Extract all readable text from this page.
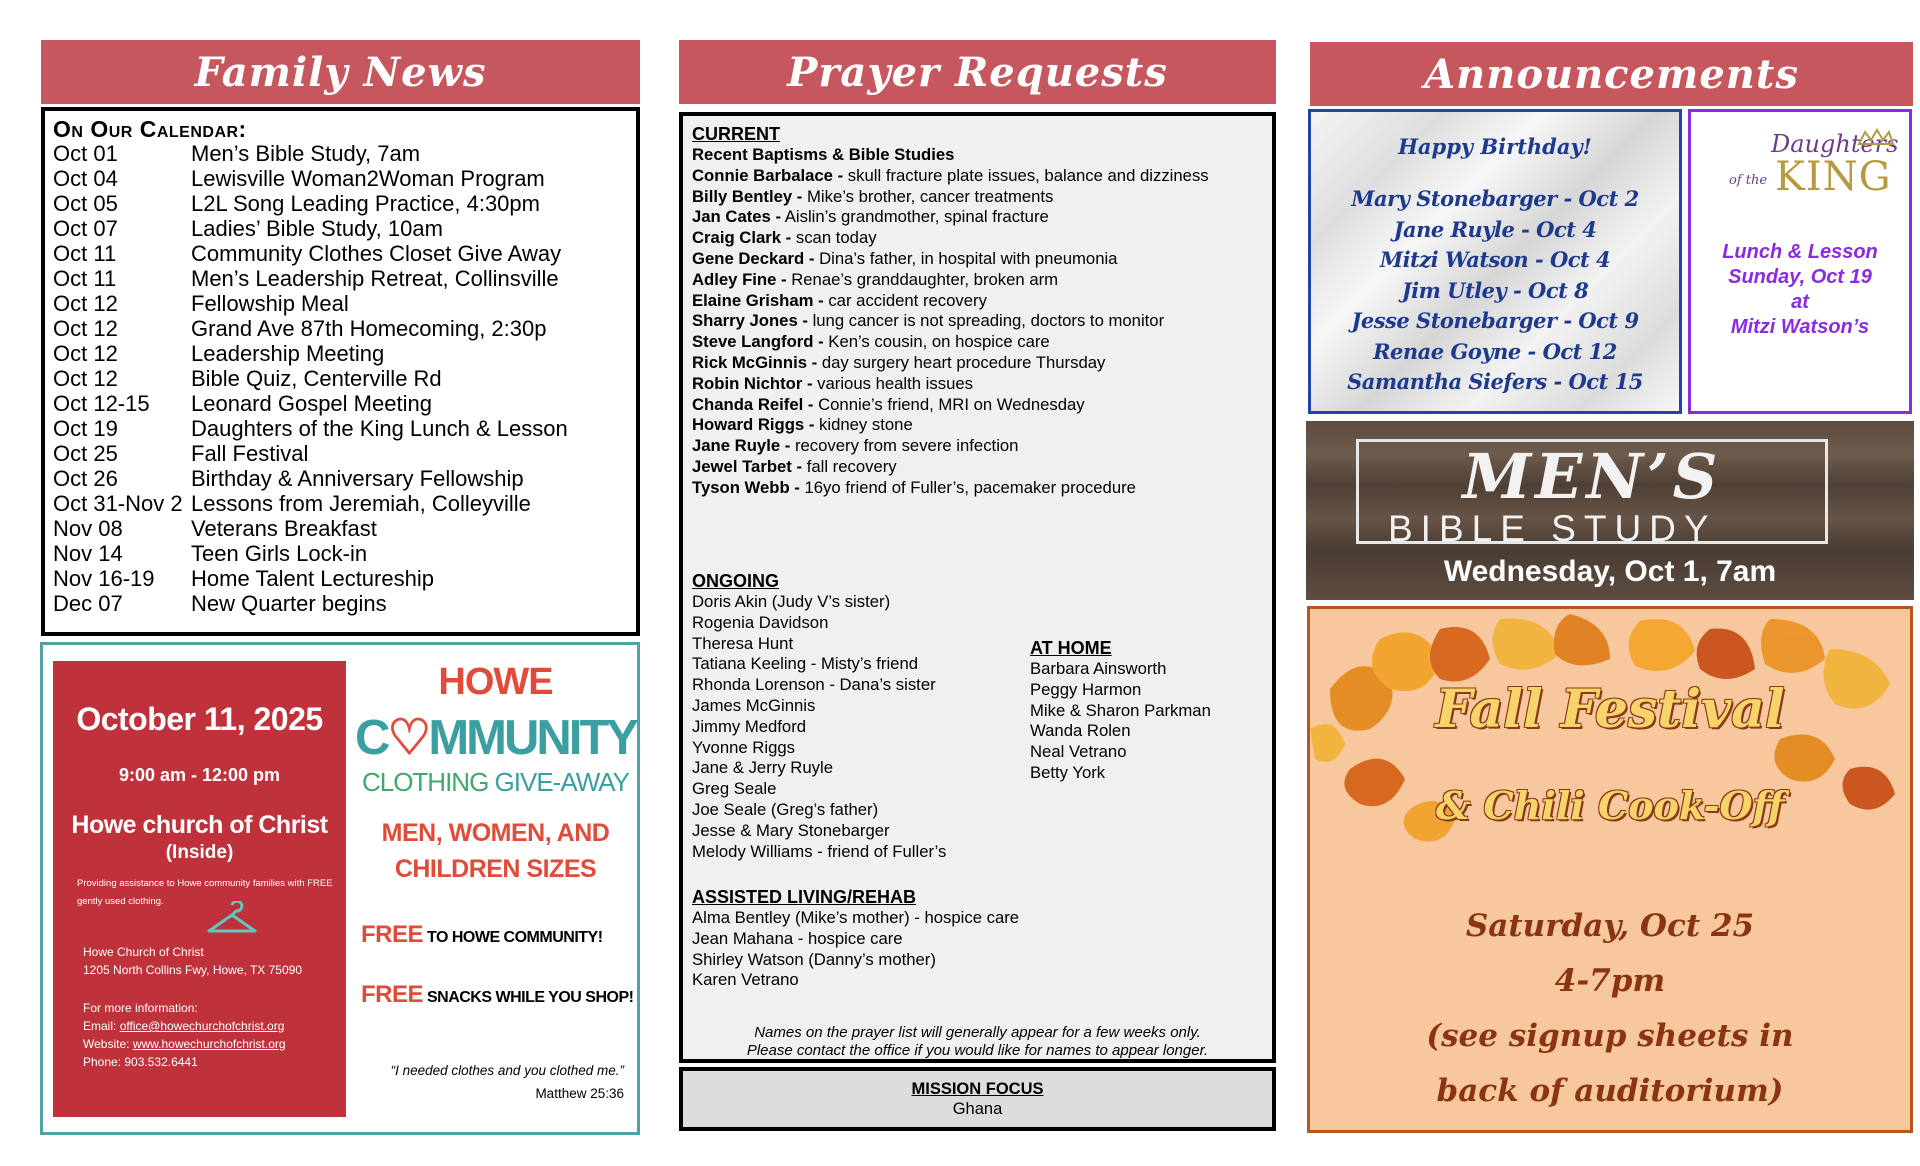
Family News
On Our Calendar:
Oct 01	Men’s Bible Study, 7am
Oct 04	Lewisville Woman2Woman Program
Oct 05	L2L Song Leading Practice, 4:30pm
Oct 07	Ladies’ Bible Study, 10am
Oct 11	Community Clothes Closet Give Away
Oct 11	Men’s Leadership Retreat, Collinsville
Oct 12	Fellowship Meal
Oct 12	Grand Ave 87th Homecoming, 2:30p
Oct 12	Leadership Meeting
Oct 12	Bible Quiz, Centerville Rd
Oct 12-15	Leonard Gospel Meeting
Oct 19	Daughters of the King Lunch & Lesson
Oct 25	Fall Festival
Oct 26	Birthday & Anniversary Fellowship
Oct 31-Nov 2 Lessons from Jeremiah, Colleyville
Nov 08	Veterans Breakfast
Nov 14	Teen Girls Lock-in
Nov 16-19	Home Talent Lectureship
Dec 07	New Quarter begins
October 11, 2025
9:00 am - 12:00 pm
Howe church of Christ
(Inside)
Providing assistance to Howe community families with FREE gently used clothing.
Howe Church of Christ
1205 North Collins Fwy, Howe, TX 75090
For more information:
Email: office@howechurchofchrist.org
Website: www.howechurchofchrist.org
Phone: 903.532.6441
HOWE
C♡MMUNITY
CLOTHING GIVE-AWAY
MEN, WOMEN, AND
CHILDREN SIZES
FREE TO HOWE COMMUNITY!
FREE SNACKS WHILE YOU SHOP!
“I needed clothes and you clothed me.”
Matthew 25:36
Prayer Requests
CURRENT
Recent Baptisms & Bible Studies
Connie Barbalace - skull fracture plate issues, balance and dizziness
Billy Bentley - Mike’s brother, cancer treatments
Jan Cates - Aislin’s grandmother, spinal fracture
Craig Clark - scan today
Gene Deckard - Dina’s father, in hospital with pneumonia
Adley Fine - Renae’s granddaughter, broken arm
Elaine Grisham - car accident recovery
Sharry Jones - lung cancer is not spreading, doctors to monitor
Steve Langford - Ken’s cousin, on hospice care
Rick McGinnis - day surgery heart procedure Thursday
Robin Nichtor - various health issues
Chanda Reifel - Connie’s friend, MRI on Wednesday
Howard Riggs - kidney stone
Jane Ruyle - recovery from severe infection
Jewel Tarbet - fall recovery
Tyson Webb - 16yo friend of Fuller’s, pacemaker procedure
ONGOING
Doris Akin (Judy V’s sister)
Rogenia Davidson
Theresa Hunt
Tatiana Keeling - Misty’s friend
Rhonda Lorenson - Dana’s sister
James McGinnis
Jimmy Medford
Yvonne Riggs
Jane & Jerry Ruyle
Greg Seale
Joe Seale (Greg’s father)
Jesse & Mary Stonebarger
Melody Williams - friend of Fuller’s
AT HOME
Barbara Ainsworth
Peggy Harmon
Mike & Sharon Parkman
Wanda Rolen
Neal Vetrano
Betty York
ASSISTED LIVING/REHAB
Alma Bentley (Mike’s mother) - hospice care
Jean Mahana - hospice care
Shirley Watson (Danny’s mother)
Karen Vetrano
Names on the prayer list will generally appear for a few weeks only.
Please contact the office if you would like for names to appear longer.
MISSION FOCUS
Ghana
Announcements
Happy Birthday!
Mary Stonebarger - Oct 2
Jane Ruyle - Oct 4
Mitzi Watson - Oct 4
Jim Utley - Oct 8
Jesse Stonebarger - Oct 9
Renae Goyne - Oct 12
Samantha Siefers - Oct 15
Daughters
of the KING
Lunch & Lesson
Sunday, Oct 19
at
Mitzi Watson’s
MEN’S
BIBLE STUDY
Wednesday, Oct 1, 7am
Fall Festival
& Chili Cook-Off
Saturday, Oct 25
4-7pm
(see signup sheets in
back of auditorium)
